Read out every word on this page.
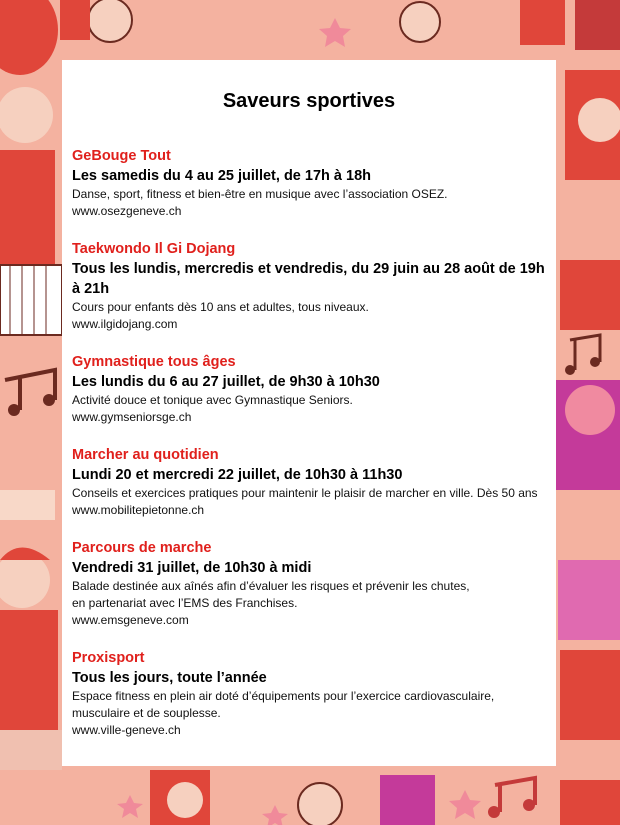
Saveurs sportives
GeBouge Tout
Les samedis du 4 au 25 juillet, de 17h à 18h
Danse, sport, fitness et bien-être en musique avec l’association OSEZ.
www.osezgeneve.ch
Taekwondo Il Gi Dojang
Tous les lundis, mercredis et vendredis, du 29 juin au 28 août de 19h à 21h
Cours pour enfants dès 10 ans et adultes, tous niveaux.
www.ilgidojang.com
Gymnastique tous âges
Les lundis du 6 au 27 juillet, de 9h30 à 10h30
Activité douce et tonique avec Gymnastique Seniors.
www.gymseniorsge.ch
Marcher au quotidien
Lundi 20 et mercredi 22 juillet, de 10h30 à 11h30
Conseils et exercices pratiques pour maintenir le plaisir de marcher en ville. Dès 50 ans
www.mobilitepietonne.ch
Parcours de marche
Vendredi 31 juillet, de 10h30 à midi
Balade destinée aux aînés afin d’évaluer les risques et prévenir les chutes,
en partenariat avec l’EMS des Franchises.
www.emsgeneve.com
Proxisport
Tous les jours, toute l’année
Espace fitness en plein air doté d’équipements pour l’exercice cardiovasculaire,
musculaire et de souplesse.
www.ville-geneve.ch
